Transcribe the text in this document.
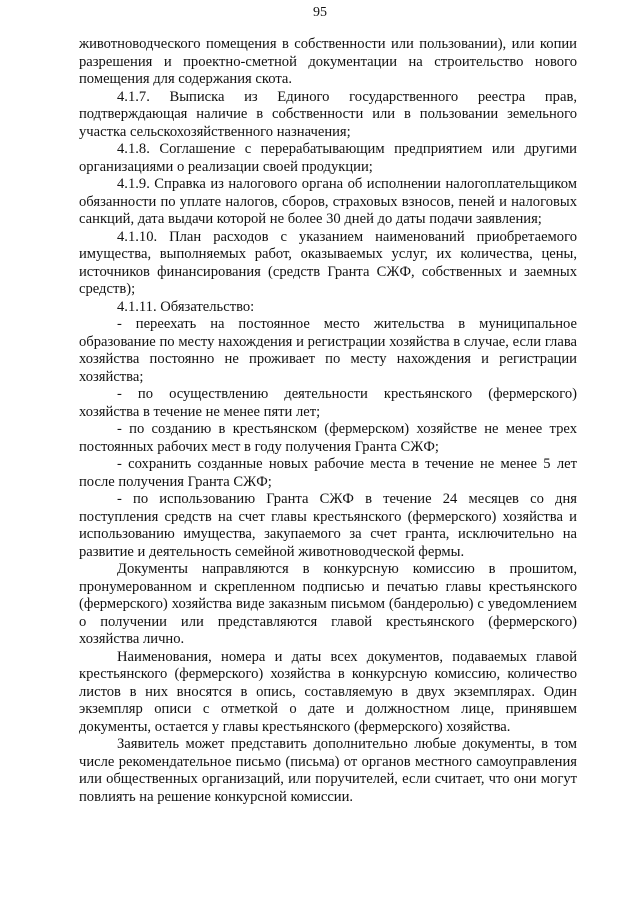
95

животноводческого помещения в собственности или пользовании), или копии разрешения и проектно-сметной документации на строительство нового помещения для содержания скота.

4.1.7. Выписка из Единого государственного реестра прав, подтверждающая наличие в собственности или в пользовании земельного участка сельскохозяйственного назначения;

4.1.8. Соглашение с перерабатывающим предприятием или другими организациями о реализации своей продукции;

4.1.9. Справка из налогового органа об исполнении налогоплательщиком обязанности по уплате налогов, сборов, страховых взносов, пеней и налоговых санкций, дата выдачи которой не более 30 дней до даты подачи заявления;

4.1.10. План расходов с указанием наименований приобретаемого имущества, выполняемых работ, оказываемых услуг, их количества, цены, источников финансирования (средств Гранта СЖФ, собственных и заемных средств);

4.1.11. Обязательство:

- переехать на постоянное место жительства в муниципальное образование по месту нахождения и регистрации хозяйства в случае, если глава хозяйства постоянно не проживает по месту нахождения и регистрации хозяйства;

- по осуществлению деятельности крестьянского (фермерского) хозяйства в течение не менее пяти лет;

- по созданию в крестьянском (фермерском) хозяйстве не менее трех постоянных рабочих мест в году получения Гранта СЖФ;

- сохранить созданные новых рабочие места в течение не менее 5 лет после получения Гранта СЖФ;

- по использованию Гранта СЖФ в течение 24 месяцев со дня поступления средств на счет главы крестьянского (фермерского) хозяйства и использованию имущества, закупаемого за счет гранта, исключительно на развитие и деятельность семейной животноводческой фермы.

Документы направляются в конкурсную комиссию в прошитом, пронумерованном и скрепленном подписью и печатью главы крестьянского (фермерского) хозяйства виде заказным письмом (бандеролью) с уведомлением о получении или представляются главой крестьянского (фермерского) хозяйства лично.

Наименования, номера и даты всех документов, подаваемых главой крестьянского (фермерского) хозяйства в конкурсную комиссию, количество листов в них вносятся в опись, составляемую в двух экземплярах. Один экземпляр описи с отметкой о дате и должностном лице, принявшем документы, остается у главы крестьянского (фермерского) хозяйства.

Заявитель может представить дополнительно любые документы, в том числе рекомендательное письмо (письма) от органов местного самоуправления или общественных организаций, или поручителей, если считает, что они могут повлиять на решение конкурсной комиссии.
